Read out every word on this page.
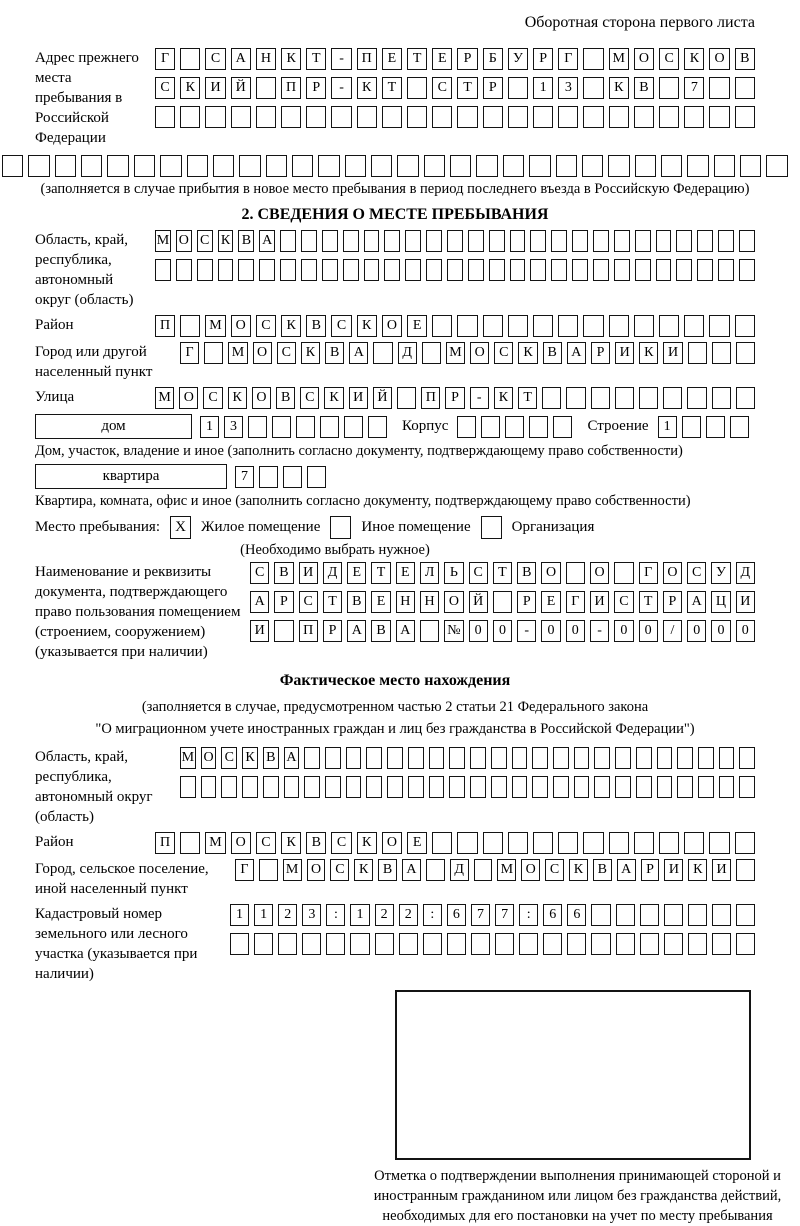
Оборотная сторона первого листа
Адрес прежнего места пребывания в Российской Федерации
Г	С	А	Н	К	Т	-	П	Е	Т	Е	Р	Б	У	Р	Г	М О	С	К	О	В
С	К	И	Й	П	Р	-	К	Т	С	Т	Р	1	3	К	В	7
(заполняется в случае прибытия в новое место пребывания в период последнего въезда в Российскую Федерацию)
2. СВЕДЕНИЯ О МЕСТЕ ПРЕБЫВАНИЯ
Область, край, республика, автономный округ (область)
М О С К В А
Район	П	М О	С	К	В	С	К	О	Е
Город или другой населенный пункт
Г	М О	С	К	В	А	Д	М О	С	К	В	А	Р	И	К	И
Улица	М О	С	К	О	В	С	К	И	Й	П	Р	-	К	Т
дом	1	3	Корпус	Строение	1
Дом, участок, владение и иное (заполнить согласно документу, подтверждающему право собственности)
квартира	7
Квартира, комната, офис и иное (заполнить согласно документу, подтверждающему право собственности)
Место пребывания:	X	Жилое помещение	Иное помещение	Организация
(Необходимо выбрать нужное)
Наименование и реквизиты документа, подтверждающего право пользования помещением (строением, сооружением) (указывается при наличии)
С	В	И	Д	Е	Т	Е	Л	Ь	С	Т	В	О	О	Г	О	С	У	Д
А	Р	С	Т	В	Е	Н	Н	О	Й	Р	Е	Г	И	С	Т	Р	А	Ц	И
И	П	Р	А	В	А	№	0	0	-	0	0	-	0	0	/	0	0	0
Фактическое место нахождения
(заполняется в случае, предусмотренном частью 2 статьи 21 Федерального закона
"О миграционном учете иностранных граждан и лиц без гражданства в Российской Федерации")
Область, край, республика, автономный округ (область)
М О С К В А
Район	П	М О	С	К	В	С	К	О	Е
Город, сельское поселение, иной населенный пункт
Г	М О	С	К	В	А	Д	М О	С	К	В	А	Р	И	К	И
Кадастровый номер земельного или лесного участка (указывается при наличии)
1	1	2	3	:	1	2	2	:	6	7	7	:	6	6
Отметка о подтверждении выполнения принимающей стороной и иностранным гражданином или лицом без гражданства действий, необходимых для его постановки на учет по месту пребывания
